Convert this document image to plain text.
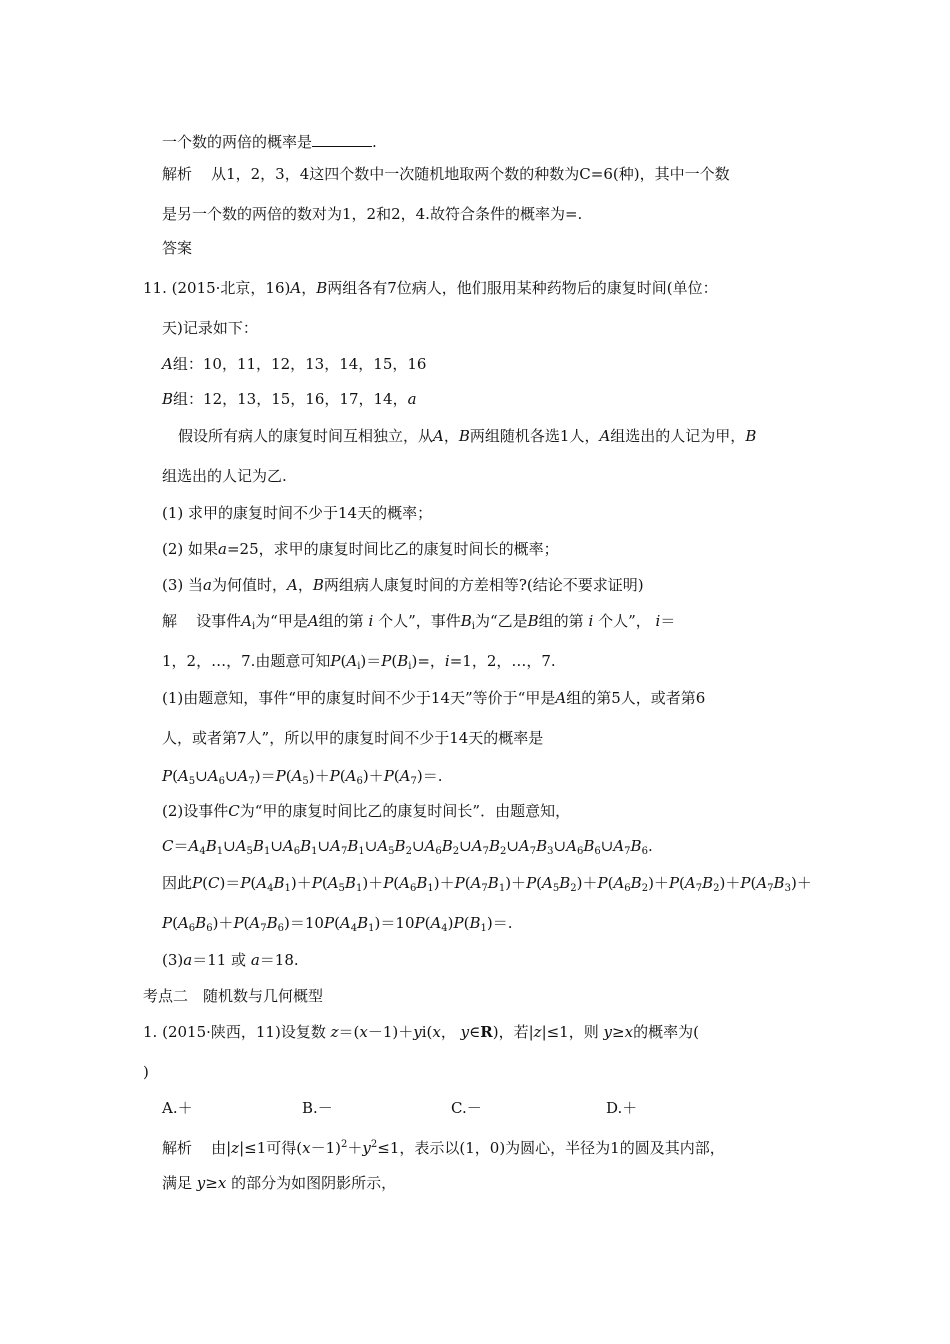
一个数的两倍的概率是	.
解析 从1，2，3，4这四个数中一次随机地取两个数的种数为C=6(种)，其中一个数
是另一个数的两倍的数对为1，2和2，4.故符合条件的概率为=.
答案
11. (2015·北京，16)A，B两组各有7位病人，他们服用某种药物后的康复时间(单位：
天)记录如下：
A组：10，11，12，13，14，15，16
B组：12，13，15，16，17，14，a
假设所有病人的康复时间互相独立，从A，B两组随机各选1人，A组选出的人记为甲，B
组选出的人记为乙.
(1) 求甲的康复时间不少于14天的概率；
(2) 如果a=25，求甲的康复时间比乙的康复时间长的概率；
(3) 当a为何值时，A，B两组病人康复时间的方差相等?(结论不要求证明)
解 设事件$A_i$为“甲是A组的第 i 个人”，事件$B_i$为“乙是B组的第 i 个人”， i＝
1，2，…，7.由题意可知$P(A_i)=P(B_i)=$，i=1，2，…，7.
(1)由题意知，事件“甲的康复时间不少于14天”等价于“甲是A组的第5人，或者第6
人，或者第7人”，所以甲的康复时间不少于14天的概率是
$P(A_5\cup A_6\cup A_7)=P(A_5)+P(A_6)+P(A_7)=$.
(2)设事件C为“甲的康复时间比乙的康复时间长”．由题意知，
$C=A_4B_1\cup A_5B_1\cup A_6B_1\cup A_7B_1\cup A_5B_2\cup A_6B_2\cup A_7B_2\cup A_7B_3\cup A_6B_6\cup A_7B_6$.
因此$P(C)=P(A_4B_1)+P(A_5B_1)+P(A_6B_1)+P(A_7B_1)+P(A_5B_2)+P(A_6B_2)+P(A_7B_2)+P(A_7B_3)+$
$P(A_6B_6)+P(A_7B_6)=10P(A_4B_1)=10P(A_4)P(B_1)=$.
(3)a＝11 或 a＝18.
考点二　随机数与几何概型
1. (2015·陕西，11)设复数 z＝(x－1)＋yi(x， y∈R)，若|z|≤1，则 y≥x的概率为(
)
A.＋	B.－	C.－	D.＋
解析 由|z|≤1可得$(x-1)^2+y^2\le 1$，表示以(1，0)为圆心，半径为1的圆及其内部，
满足 y≥x 的部分为如图阴影所示，
